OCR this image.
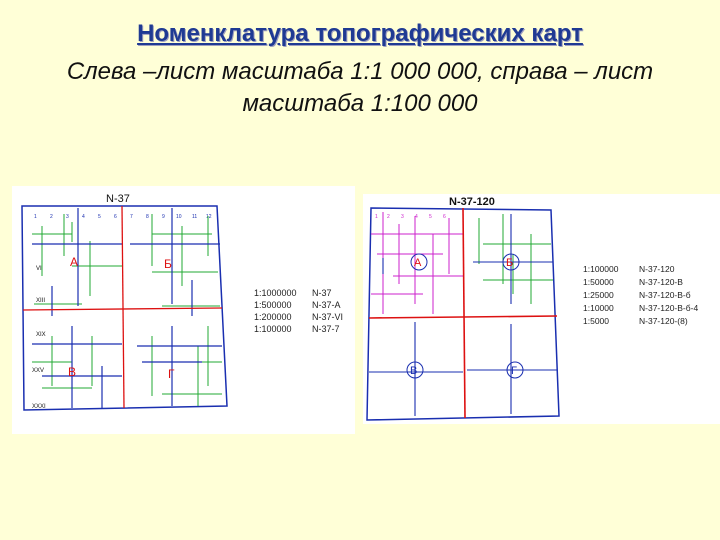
Номенклатура топографических карт

Слева –лист масштаба 1:1 000 000, справа – лист масштаба 1:100 000

1	2	3	4	5	6	7	8	9 10 11 12
N-37
А	Б
В	Г
VI
XIII
XIX
XXV
XXXI
1:1000000 N-37
1:500000 N-37-А
1:200000 N-37-VI
1:100000 N-37-7
1 2 3 4 5 6
N-37-120
А	Б
В	Г
1:100000 N-37-120
1:50000	N-37-120-В
1:25000	N-37-120-В-б
1:10000	N-37-120-В-б-4
1:5000	N-37-120-(8)
